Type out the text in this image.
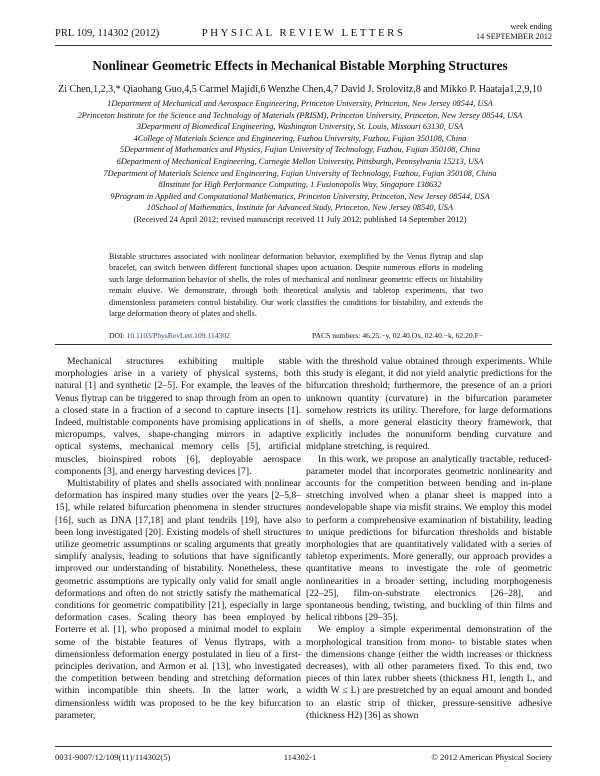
PRL 109, 114302 (2012)	PHYSICAL REVIEW LETTERS
week ending
14 SEPTEMBER 2012
Nonlinear Geometric Effects in Mechanical Bistable Morphing Structures
Zi Chen,1,2,3,* Qiaohang Guo,4,5 Carmel Majidi,6 Wenzhe Chen,4,7 David J. Srolovitz,8 and Mikko P. Haataja1,2,9,10
1Department of Mechanical and Aerospace Engineering, Princeton University, Princeton, New Jersey 08544, USA
2Princeton Institute for the Science and Technology of Materials (PRISM), Princeton University, Princeton, New Jersey 08544, USA
3Department of Biomedical Engineering, Washington University, St. Louis, Missouri 63130, USA
4College of Materials Science and Engineering, Fuzhou University, Fuzhou, Fujian 350108, China
5Department of Mathematics and Physics, Fujian University of Technology, Fuzhou, Fujian 350108, China
6Department of Mechanical Engineering, Carnegie Mellon University, Pittsburgh, Pennsylvania 15213, USA
7Department of Materials Science and Engineering, Fujian University of Technology, Fuzhou, Fujian 350108, China
8Institute for High Performance Computing, 1 Fusionopolis Way, Singapore 138632
9Program in Applied and Computational Mathematics, Princeton University, Princeton, New Jersey 08544, USA
10School of Mathematics, Institute for Advanced Study, Princeton, New Jersey 08540, USA
(Received 24 April 2012; revised manuscript received 11 July 2012; published 14 September 2012)
Bistable structures associated with nonlinear deformation behavior, exemplified by the Venus flytrap and slap bracelet, can switch between different functional shapes upon actuation. Despite numerous efforts in modeling such large deformation behavior of shells, the roles of mechanical and nonlinear geometric effects on bistability remain elusive. We demonstrate, through both theoretical analysis and tabletop experiments, that two dimensionless parameters control bistability. Our work classifies the conditions for bistability, and extends the large deformation theory of plates and shells.
DOI: 10.1103/PhysRevLett.109.114302	PACS numbers: 46.25.−y, 02.40.Ox, 02.40.−k, 62.20.F−

Mechanical structures exhibiting multiple stable morphologies arise in a variety of physical systems, both natural [1] and synthetic [2–5]. For example, the leaves of the Venus flytrap can be triggered to snap through from an open to a closed state in a fraction of a second to capture insects [1]. Indeed, multistable components have promising applications in micropumps, valves, shape-changing mirrors in adaptive optical systems, mechanical memory cells [5], artificial muscles, bioinspired robots [6], deployable aerospace components [3], and energy harvesting devices [7].

Multistability of plates and shells associated with nonlinear deformation has inspired many studies over the years [2–5,8–15], while related bifurcation phenomena in slender structures [16], such as DNA [17,18] and plant tendrils [19], have also been long investigated [20]. Existing models of shell structures utilize geometric assumptions or scaling arguments that greatly simplify analysis, leading to solutions that have significantly improved our understanding of bistability. Nonetheless, these geometric assumptions are typically only valid for small angle deformations and often do not strictly satisfy the mathematical conditions for geometric compatibility [21], especially in large deformation cases. Scaling theory has been employed by Forterre et al. [1], who proposed a minimal model to explain some of the bistable features of Venus flytraps, with a dimensionless deformation energy postulated in lieu of a first-principles derivation, and Armon et al. [13], who investigated the competition between bending and stretching deformation within incompatible thin sheets. In the latter work, a dimensionless width was proposed to be the key bifurcation parameter,

with the threshold value obtained through experiments. While this study is elegant, it did not yield analytic predictions for the bifurcation threshold; furthermore, the presence of an a priori unknown quantity (curvature) in the bifurcation parameter somehow restricts its utility. Therefore, for large deformations of shells, a more general elasticity theory framework, that explicitly includes the nonuniform bending curvature and midplane stretching, is required.

In this work, we propose an analytically tractable, reduced-parameter model that incorporates geometric nonlinearity and accounts for the competition between bending and in-plane stretching involved when a planar sheet is mapped into a nondevelopable shape via misfit strains. We employ this model to perform a comprehensive examination of bistability, leading to unique predictions for bifurcation thresholds and bistable morphologies that are quantitatively validated with a series of tabletop experiments. More generally, our approach provides a quantitative means to investigate the role of geometric nonlinearities in a broader setting, including morphogenesis [22–25], film-on-substrate electronics [26–28], and spontaneous bending, twisting, and buckling of thin films and helical ribbons [29–35].

We employ a simple experimental demonstration of the morphological transition from mono- to bistable states when the dimensions change (either the width increases or thickness decreases), with all other parameters fixed. To this end, two pieces of thin latex rubber sheets (thickness H1, length L, and width W ≤ L) are prestretched by an equal amount and bonded to an elastic strip of thicker, pressure-sensitive adhesive (thickness H2) [36] as shown

0031-9007/12/109(11)/114302(5)	114302-1	© 2012 American Physical Society
